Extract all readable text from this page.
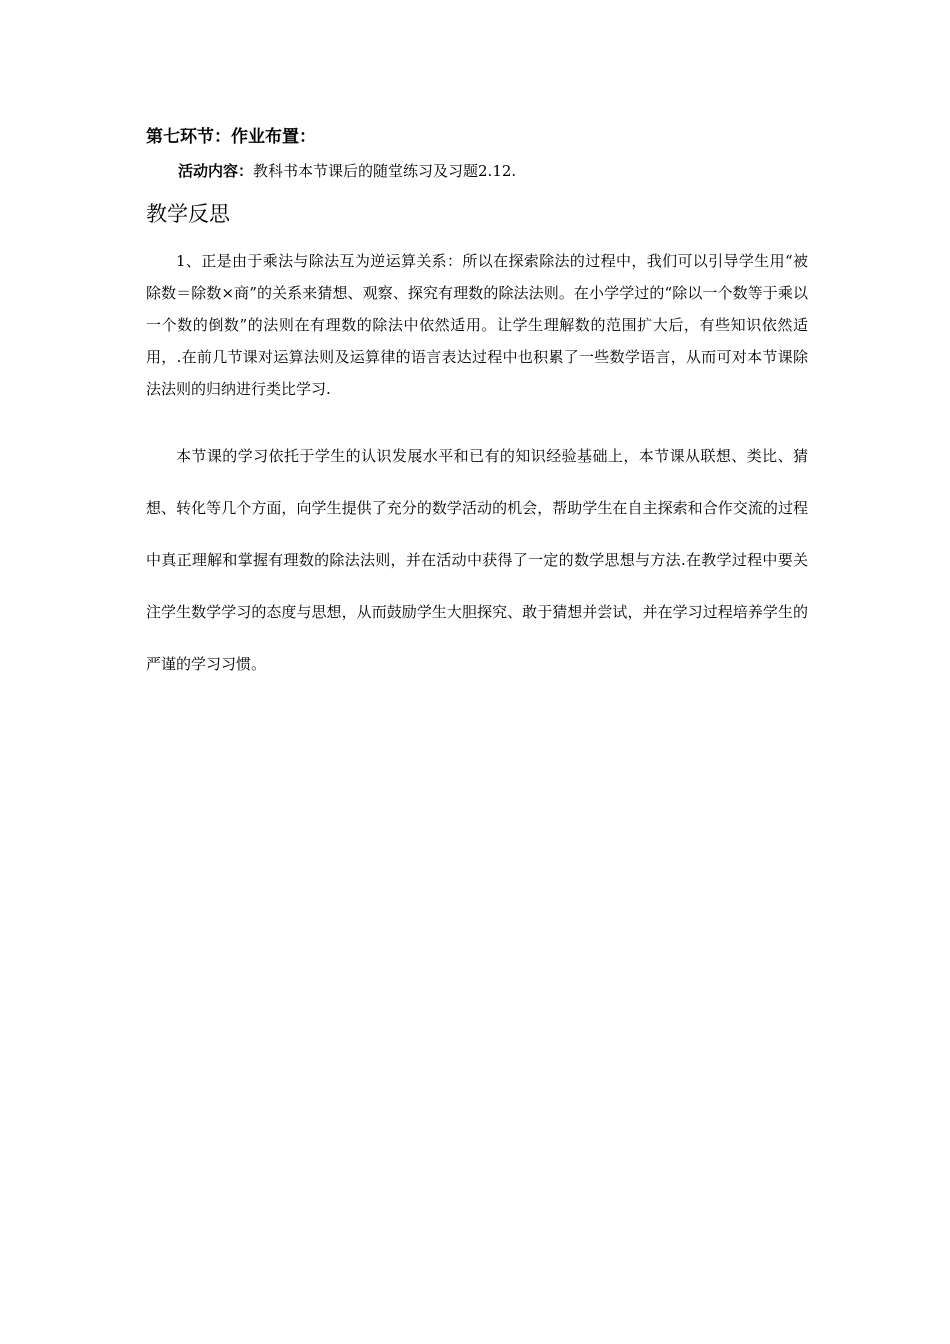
第七环节：作业布置：
活动内容：教科书本节课后的随堂练习及习题2.12.
教学反思

1、正是由于乘法与除法互为逆运算关系：所以在探索除法的过程中，我们可以引导学生用“被除数＝除数×商”的关系来猜想、观察、探究有理数的除法法则。在小学学过的“除以一个数等于乘以一个数的倒数”的法则在有理数的除法中依然适用。让学生理解数的范围扩大后，有些知识依然适用，.在前几节课对运算法则及运算律的语言表达过程中也积累了一些数学语言，从而可对本节课除法法则的归纳进行类比学习.

本节课的学习依托于学生的认识发展水平和已有的知识经验基础上，本节课从联想、类比、猜想、转化等几个方面，向学生提供了充分的数学活动的机会，帮助学生在自主探索和合作交流的过程中真正理解和掌握有理数的除法法则，并在活动中获得了一定的数学思想与方法.在教学过程中要关注学生数学学习的态度与思想，从而鼓励学生大胆探究、敢于猜想并尝试，并在学习过程培养学生的严谨的学习习惯。
